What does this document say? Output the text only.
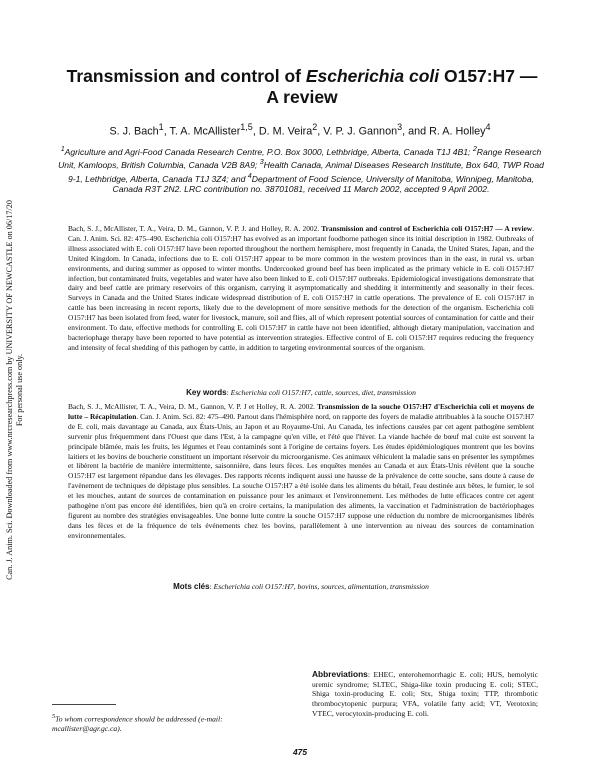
Can. J. Anim. Sci. Downloaded from www.nrcresearchpress.com by UNIVERSITY OF NEWCASTLE on 06/17/20 For personal use only.
Transmission and control of Escherichia coli O157:H7 —
A review
S. J. Bach$^1$, T. A. McAllister$^{1,5}$, D. M. Veira$^2$, V. P. J. Gannon$^3$, and R. A. Holley$^4$
$^1$Agriculture and Agri-Food Canada Research Centre, P.O. Box 3000, Lethbridge, Alberta, Canada T1J 4B1; $^2$Range Research Unit, Kamloops, British Columbia, Canada V2B 8A9; $^3$Health Canada, Animal Diseases Research Institute, Box 640, TWP Road 9-1, Lethbridge, Alberta, Canada T1J 3Z4; and $^4$Department of Food Science, University of Manitoba, Winnipeg, Manitoba, Canada R3T 2N2. LRC contribution no. 38701081, received 11 March 2002, accepted 9 April 2002.
Bach, S. J., McAllister, T. A., Veira, D. M., Gannon, V. P. J. and Holley, R. A. 2002. Transmission and control of Escherichia coli O157:H7 — A review. Can. J. Anim. Sci. 82: 475–490. Escherichia coli O157:H7 has evolved as an important foodborne pathogen since its initial description in 1982. Outbreaks of illness associated with E. coli O157:H7 have been reported throughout the northern hemisphere, most frequently in Canada, the United States, Japan, and the United Kingdom. In Canada, infections due to E. coli O157:H7 appear to be more common in the western provinces than in the east, in rural vs. urban environments, and during summer as opposed to winter months. Undercooked ground beef has been implicated as the primary vehicle in E. coli O157:H7 infection, but contaminated fruits, vegetables and water have also been linked to E. coli O157:H7 outbreaks. Epidemiological investigations demonstrate that dairy and beef cattle are primary reservoirs of this organism, carrying it asymptomatically and shedding it intermittently and seasonally in their feces. Surveys in Canada and the United States indicate widespread distribution of E. coli O157:H7 in cattle operations. The prevalence of E. coli O157:H7 in cattle has been increasing in recent reports, likely due to the development of more sensitive methods for the detection of the organism. Escherichia coli O157:H7 has been isolated from feed, water for livestock, manure, soil and flies, all of which represent potential sources of contamination for cattle and their environment. To date, effective methods for controlling E. coli O157:H7 in cattle have not been identified, although dietary manipulation, vaccination and bacteriophage therapy have been reported to have potential as intervention strategies. Effective control of E. coli O157:H7 requires reducing the frequency and intensity of fecal shedding of this pathogen by cattle, in addition to targeting environmental sources of the organism.
Key words: Escherichia coli O157:H7, cattle, sources, diet, transmission
Bach, S. J., McAllister, T. A., Veira, D. M., Gannon, V. P. J et Holley, R. A. 2002. Transmission de la souche O157:H7 d'Escherichia coli et moyens de lutte – Récapitulation. Can. J. Anim. Sci. 82: 475–490. Partout dans l'hémisphère nord, on rapporte des foyers de maladie attribuables à la souche O157:H7 de E. coli, mais davantage au Canada, aux États-Unis, au Japon et au Royaume-Uni. Au Canada, les infections causées par cet agent pathogène semblent survenir plus fréquemment dans l'Ouest que dans l'Est, à la campagne qu'en ville, et l'été que l'hiver. La viande hachée de bœuf mal cuite est souvent la principale blâmée, mais les fruits, les légumes et l'eau contaminés sont à l'origine de certains foyers. Les études épidémiologiques montrent que les bovins laitiers et les bovins de boucherie constituent un important réservoir du microorganisme. Ces animaux véhiculent la maladie sans en présenter les symptômes et libèrent la bactérie de manière intermittente, saisonnière, dans leurs fèces. Les enquêtes menées au Canada et aux États-Unis révèlent que la souche O157:H7 est largement répandue dans les élevages. Des rapports récents indiquent aussi une hausse de la prévalence de cette souche, sans doute à cause de l'avènement de techniques de dépistage plus sensibles. La souche O157:H7 a été isolée dans les aliments du bétail, l'eau destinée aux bêtes, le fumier, le sol et les mouches, autant de sources de contamination en puissance pour les animaux et l'environnement. Les méthodes de lutte efficaces contre cet agent pathogène n'ont pas encore été identifiées, bien qu'à en croire certains, la manipulation des aliments, la vaccination et l'administration de bactériophages figurent au nombre des stratégies envisageables. Une bonne lutte contre la souche O157:H7 suppose une réduction du nombre de microorganismes libérés dans les fèces et de la fréquence de tels événements chez les bovins, parallèlement à une intervention au niveau des sources de contamination environnementales.
Mots clés: Escherichia coli O157:H7, bovins, sources, alimentation, transmission
Abbreviations: EHEC, enterohemorrhagic E. coli; HUS, hemolytic uremic syndrome; SLTEC, Shiga-like toxin producing E. coli; STEC, Shiga toxin-producing E. coli; Stx, Shiga toxin; TTP, thrombotic thrombocytopenic purpura; VFA, volatile fatty acid; VT, Verotoxin; VTEC, verocytoxin-producing E. coli.
$^5$To whom correspondence should be addressed (e-mail: mcallister@agr.gc.ca).
475
